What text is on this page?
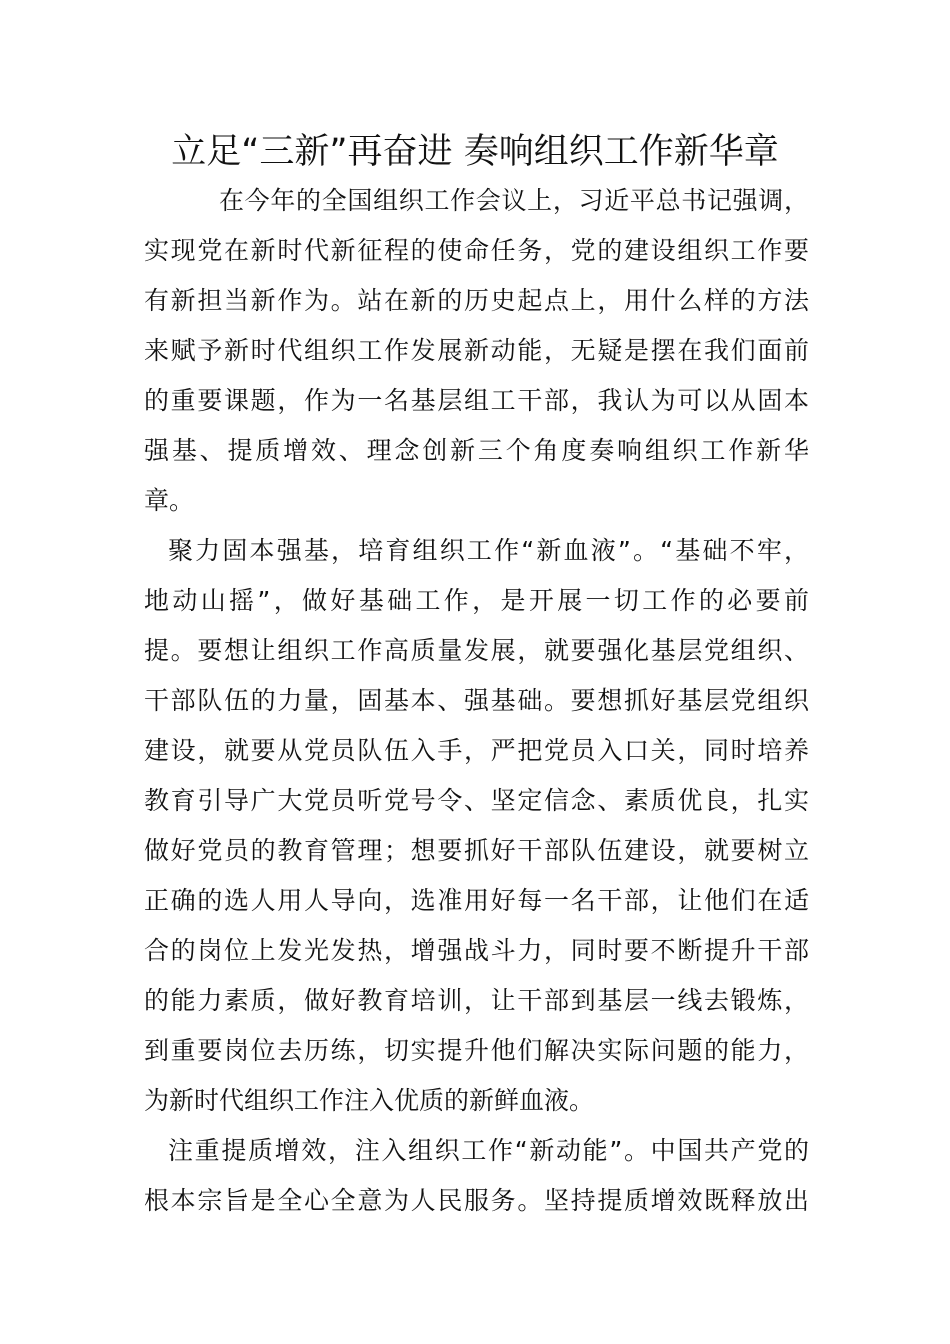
立足“三新”再奋进 奏响组织工作新华章
在今年的全国组织工作会议上，习近平总书记强调，
实现党在新时代新征程的使命任务，党的建设组织工作要
有新担当新作为。站在新的历史起点上，用什么样的方法
来赋予新时代组织工作发展新动能，无疑是摆在我们面前
的重要课题，作为一名基层组工干部，我认为可以从固本
强基、提质增效、理念创新三个角度奏响组织工作新华
章。
聚力固本强基，培育组织工作“新血液”。“基础不牢，
地动山摇”，做好基础工作，是开展一切工作的必要前
提。要想让组织工作高质量发展，就要强化基层党组织、
干部队伍的力量，固基本、强基础。要想抓好基层党组织
建设，就要从党员队伍入手，严把党员入口关，同时培养
教育引导广大党员听党号令、坚定信念、素质优良，扎实
做好党员的教育管理；想要抓好干部队伍建设，就要树立
正确的选人用人导向，选准用好每一名干部，让他们在适
合的岗位上发光发热，增强战斗力，同时要不断提升干部
的能力素质，做好教育培训，让干部到基层一线去锻炼，
到重要岗位去历练，切实提升他们解决实际问题的能力，
为新时代组织工作注入优质的新鲜血液。
注重提质增效，注入组织工作“新动能”。中国共产党的
根本宗旨是全心全意为人民服务。坚持提质增效既释放出
